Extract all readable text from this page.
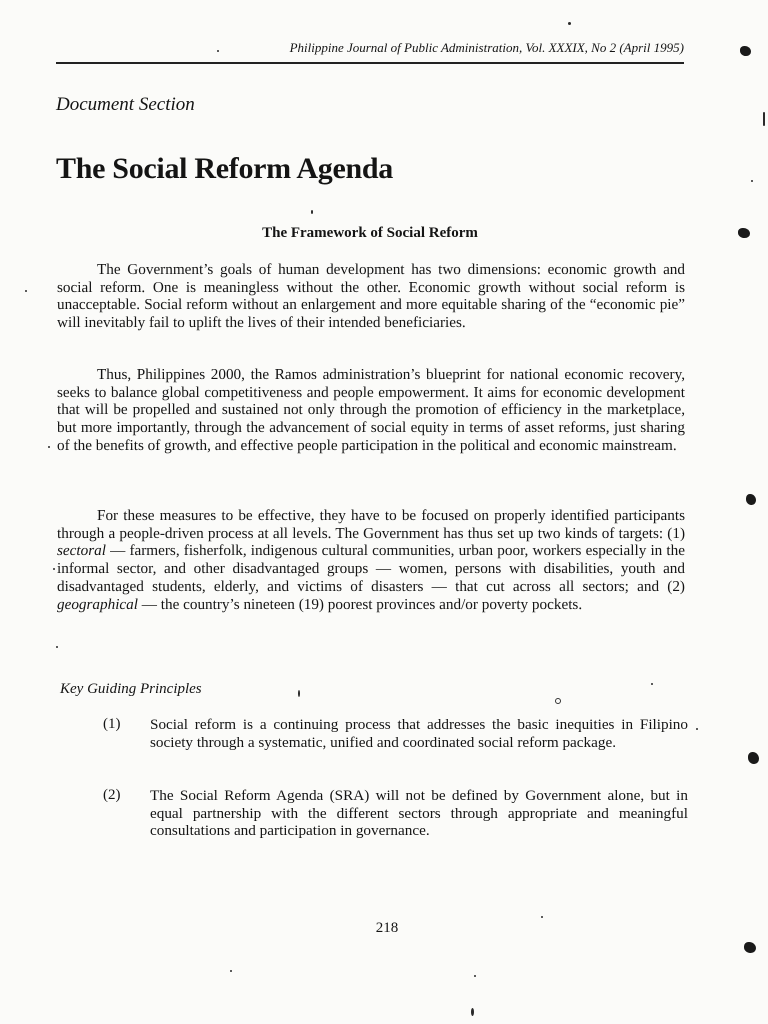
Philippine Journal of Public Administration, Vol. XXXIX, No 2 (April 1995)
Document Section
The Social Reform Agenda
The Framework of Social Reform

The Government’s goals of human development has two dimensions: economic growth and social reform. One is meaningless without the other. Economic growth without social reform is unacceptable. Social reform without an enlargement and more equitable sharing of the “economic pie” will inevitably fail to uplift the lives of their intended beneficiaries.

Thus, Philippines 2000, the Ramos administration’s blueprint for national economic recovery, seeks to balance global competitiveness and people empowerment. It aims for economic development that will be propelled and sustained not only through the promotion of efficiency in the marketplace, but more importantly, through the advancement of social equity in terms of asset reforms, just sharing of the benefits of growth, and effective people participation in the political and economic mainstream.

For these measures to be effective, they have to be focused on properly identified participants through a people-driven process at all levels. The Government has thus set up two kinds of targets: (1) sectoral — farmers, fisherfolk, indigenous cultural communities, urban poor, workers especially in the informal sector, and other disadvantaged groups — women, persons with disabilities, youth and disadvantaged students, elderly, and victims of disasters — that cut across all sectors; and (2) geographical — the country’s nineteen (19) poorest provinces and/or poverty pockets.

Key Guiding Principles
(1) Social reform is a continuing process that addresses the basic inequities in Filipino society through a systematic, unified and coordinated social reform package.

(2) The Social Reform Agenda (SRA) will not be defined by Government alone, but in equal partnership with the different sectors through appropriate and meaningful consultations and participation in governance.

218
